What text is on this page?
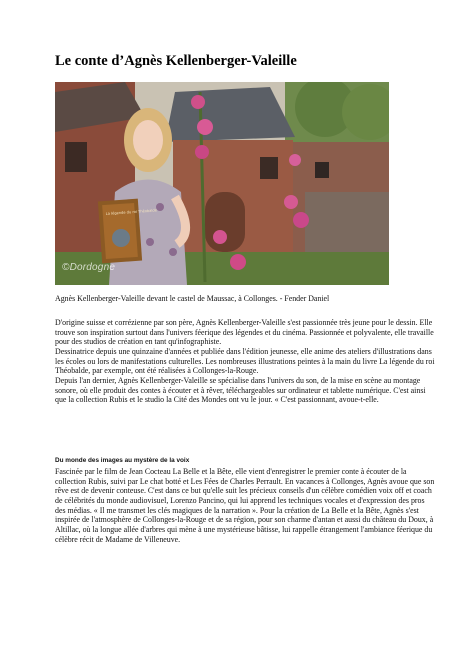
Le conte d’Agnès Kellenberger-Valeille
La légende du roi Théobalde
©Dordogne
Agnès Kellenberger-Valeille devant le castel de Maussac, à Collonges. - Fender Daniel

D'origine suisse et corrézienne par son père, Agnès Kellenberger-Valeille s'est passionnée très jeune pour le dessin. Elle trouve son inspiration surtout dans l'univers féerique des légendes et du cinéma. Passionnée et polyvalente, elle travaille pour des studios de création en tant qu'infographiste.

Dessinatrice depuis une quinzaine d'années et publiée dans l'édition jeunesse, elle anime des ateliers d'illustrations dans les écoles ou lors de manifestations culturelles. Les nombreuses illustrations peintes à la main du livre La légende du roi Théobalde, par exemple, ont été réalisées à Collonges-la-Rouge.

Depuis l'an dernier, Agnès Kellenberger-Valeille se spécialise dans l'univers du son, de la mise en scène au montage sonore, où elle produit des contes à écouter et à rêver, téléchargeables sur ordinateur et tablette numérique. C'est ainsi que la collection Rubis et le studio la Cité des Mondes ont vu le jour. « C'est passionnant, avoue-t-elle.

Du monde des images au mystère de la voix

Fascinée par le film de Jean Cocteau La Belle et la Bête, elle vient d'enregistrer le premier conte à écouter de la collection Rubis, suivi par Le chat botté et Les Fées de Charles Perrault. En vacances à Collonges, Agnès avoue que son rêve est de devenir conteuse. C'est dans ce but qu'elle suit les précieux conseils d'un célèbre comédien voix off et coach de célébrités du monde audiovisuel, Lorenzo Pancino, qui lui apprend les techniques vocales et d'expression des pros des médias. « Il me transmet les clés magiques de la narration ». Pour la création de La Belle et la Bête, Agnès s'est inspirée de l'atmosphère de Collonges-la-Rouge et de sa région, pour son charme d'antan et aussi du château du Doux, à Altillac, où la longue allée d'arbres qui mène à une mystérieuse bâtisse, lui rappelle étrangement l'ambiance féerique du célèbre récit de Madame de Villeneuve.
